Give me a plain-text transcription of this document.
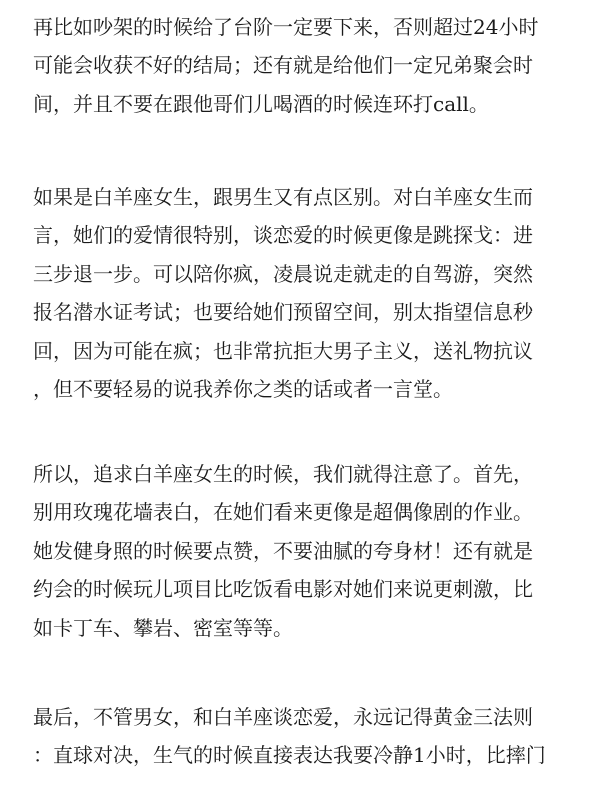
再比如吵架的时候给了台阶一定要下来，否则超过24小时
可能会收获不好的结局；还有就是给他们一定兄弟聚会时
间，并且不要在跟他哥们儿喝酒的时候连环打call。

如果是白羊座女生，跟男生又有点区别。对白羊座女生而
言，她们的爱情很特别，谈恋爱的时候更像是跳探戈：进
三步退一步。可以陪你疯，凌晨说走就走的自驾游，突然
报名潜水证考试；也要给她们预留空间，别太指望信息秒
回，因为可能在疯；也非常抗拒大男子主义，送礼物抗议
，但不要轻易的说我养你之类的话或者一言堂。

所以，追求白羊座女生的时候，我们就得注意了。首先，
别用玫瑰花墙表白，在她们看来更像是超偶像剧的作业。
她发健身照的时候要点赞，不要油腻的夸身材！还有就是
约会的时候玩儿项目比吃饭看电影对她们来说更刺激，比
如卡丁车、攀岩、密室等等。

最后，不管男女，和白羊座谈恋爱，永远记得黄金三法则
：直球对决，生气的时候直接表达我要冷静1小时，比摔门
